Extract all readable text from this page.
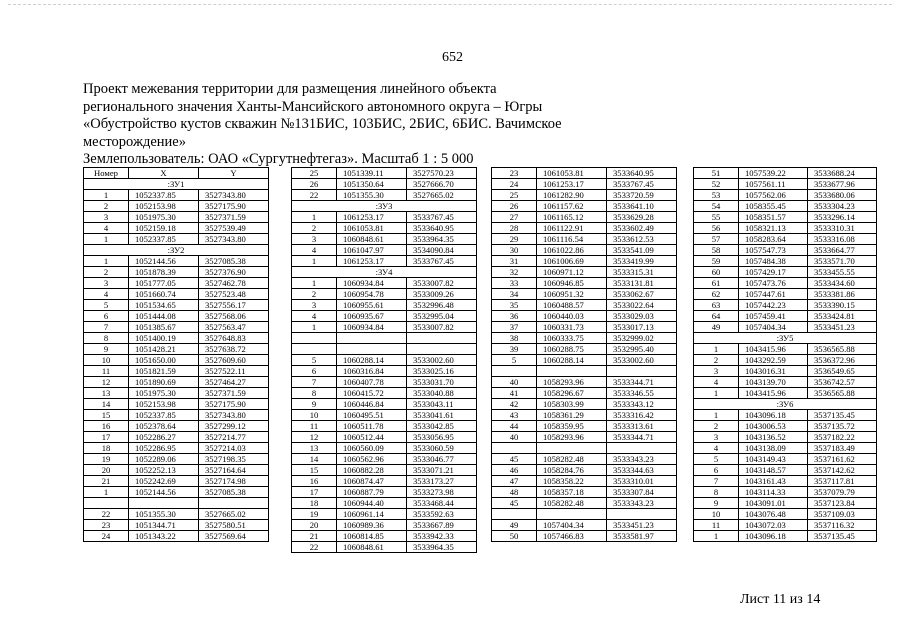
652
Проект межевания территории для размещения линейного объекта
регионального значения Ханты-Мансийского автономного округа – Югры
«Обустройство кустов скважин №131БИС, 103БИС, 2БИС, 6БИС. Вачимское
месторождение»
Землепользователь: ОАО «Сургутнефтегаз». Масштаб 1 : 5 000
Номер	X	Y
:ЗУ1		
1	1052337.85	3527343.80
2	1052153.98	3527175.90
3	1051975.30	3527371.59
4	1052159.18	3527539.49
1	1052337.85	3527343.80
:ЗУ2		
1	1052144.56	3527085.38
2	1051878.39	3527376.90
3	1051777.05	3527462.78
4	1051660.74	3527523.48
5	1051534.65	3527556.17
6	1051444.08	3527568.06
7	1051385.67	3527563.47
8	1051400.19	3527648.83
9	1051428.21	3527638.72
10	1051650.00	3527609.60
11	1051821.59	3527522.11
12	1051890.69	3527464.27
13	1051975.30	3527371.59
14	1052153.98	3527175.90
15	1052337.85	3527343.80
16	1052378.64	3527299.12
17	1052286.27	3527214.77
18	1052286.95	3527214.03
19	1052289.06	3527198.35
20	1052252.13	3527164.64
21	1052242.69	3527174.98
1	1052144.56	3527085.38

22	1051355.30	3527665.02
23	1051344.71	3527580.51
24	1051343.22	3527569.64
25	1051339.11	3527570.23
26	1051350.64	3527666.70
22	1051355.30	3527665.02
:ЗУ3		
1	1061253.17	3533767.45
2	1061053.81	3533640.95
3	1060848.61	3533964.35
4	1061047.97	3534090.84
1	1061253.17	3533767.45
:ЗУ4		
1	1060934.84	3533007.82
2	1060954.78	3533009.26
3	1060955.61	3532996.48
4	1060935.67	3532995.04
1	1060934.84	3533007.82

5	1060288.14	3533002.60
6	1060316.84	3533025.16
7	1060407.78	3533031.70
8	1060415.72	3533040.88
9	1060446.84	3533043.11
10	1060495.51	3533041.61
11	1060511.78	3533042.85
12	1060512.44	3533056.95
13	1060560.09	3533060.59
14	1060562.96	3533046.77
15	1060882.28	3533071.21
16	1060874.47	3533173.27
17	1060887.79	3533273.98
18	1060944.40	3533468.44
19	1060961.14	3533592.63
20	1060989.36	3533667.89
21	1060814.85	3533942.33
22	1060848.61	3533964.35
23	1061053.81	3533640.95
24	1061253.17	3533767.45
25	1061282.90	3533720.59
26	1061157.62	3533641.10
27	1061165.12	3533629.28
28	1061122.91	3533602.49
29	1061116.54	3533612.53
30	1061022.86	3533541.09
31	1061006.69	3533419.99
32	1060971.12	3533315.31
33	1060946.85	3533131.81
34	1060951.32	3533062.67
35	1060488.57	3533022.64
36	1060440.03	3533029.03
37	1060331.73	3533017.13
38	1060333.75	3532999.02
39	1060288.75	3532995.40
5	1060288.14	3533002.60

40	1058293.96	3533344.71
41	1058296.67	3533346.55
42	1058303.99	3533343.12
43	1058361.29	3533316.42
44	1058359.95	3533313.61
40	1058293.96	3533344.71

45	1058282.48	3533343.23
46	1058284.76	3533344.63
47	1058358.22	3533310.01
48	1058357.18	3533307.84
45	1058282.48	3533343.23

49	1057404.34	3533451.23
50	1057466.83	3533581.97
51	1057539.22	3533688.24
52	1057561.11	3533677.96
53	1057562.06	3533680.06
54	1058355.45	3533304.23
55	1058351.57	3533296.14
56	1058321.13	3533310.31
57	1058283.64	3533316.08
58	1057547.73	3533664.77
59	1057484.38	3533571.70
60	1057429.17	3533455.55
61	1057473.76	3533434.60
62	1057447.61	3533381.86
63	1057442.23	3533390.15
64	1057459.41	3533424.81
49	1057404.34	3533451.23
:ЗУ5		
1	1043415.96	3536565.88
2	1043292.59	3536372.96
3	1043016.31	3536549.65
4	1043139.70	3536742.57
1	1043415.96	3536565.88
:ЗУ6		
1	1043096.18	3537135.45
2	1043006.53	3537135.72
3	1043136.52	3537182.22
4	1043138.09	3537183.49
5	1043149.43	3537161.62
6	1043148.57	3537142.62
7	1043161.43	3537117.81
8	1043114.33	3537079.79
9	1043091.01	3537123.84
10	1043076.48	3537109.03
11	1043072.03	3537116.32
1	1043096.18	3537135.45
Лист 11 из 14
